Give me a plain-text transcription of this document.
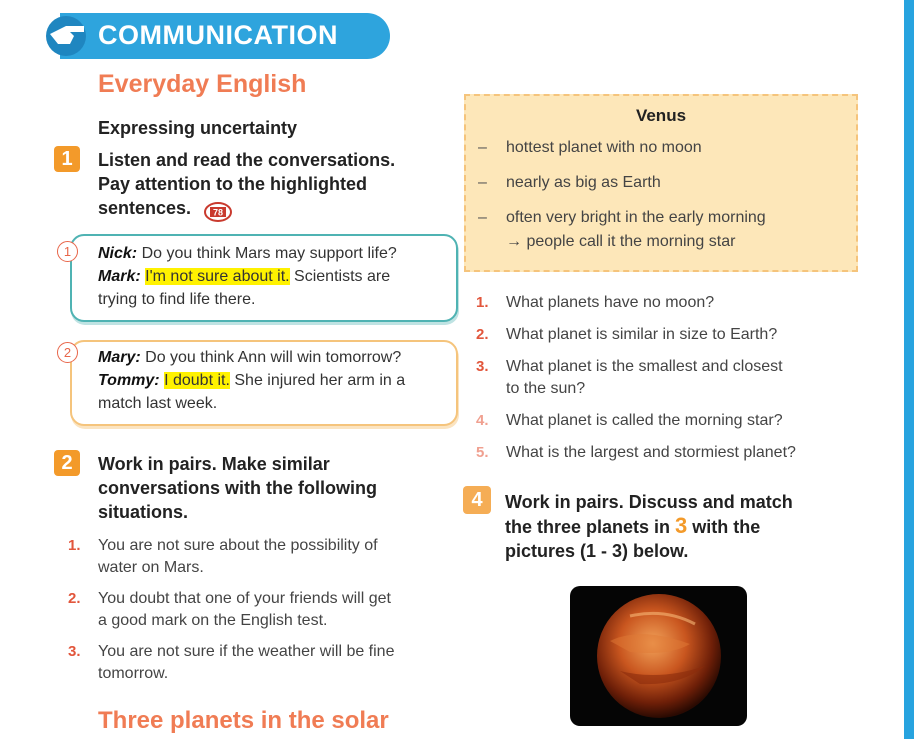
COMMUNICATION
Everyday English
Expressing uncertainty
1	Listen and read the conversations.
Pay attention to the highlighted
sentences.	78
1	Nick: Do you think Mars may support life?
Mark: I'm not sure about it. Scientists are
trying to find life there.
2	Mary: Do you think Ann will win tomorrow?
Tommy: I doubt it. She injured her arm in a
match last week.
2	Work in pairs. Make similar
conversations with the following
situations.
1.	You are not sure about the possibility of
water on Mars.
2.	You doubt that one of your friends will get
a good mark on the English test.
3.	You are not sure if the weather will be fine
tomorrow.
Three planets in the solar
Venus
–	hottest planet with no moon
–	nearly as big as Earth
–	often very bright in the early morning
→ people call it the morning star
1.	What planets have no moon?
2.	What planet is similar in size to Earth?
3.	What planet is the smallest and closest
to the sun?
4.	What planet is called the morning star?
5.	What is the largest and stormiest planet?
4	Work in pairs. Discuss and match
the three planets in 3 with the
pictures (1 - 3) below.
